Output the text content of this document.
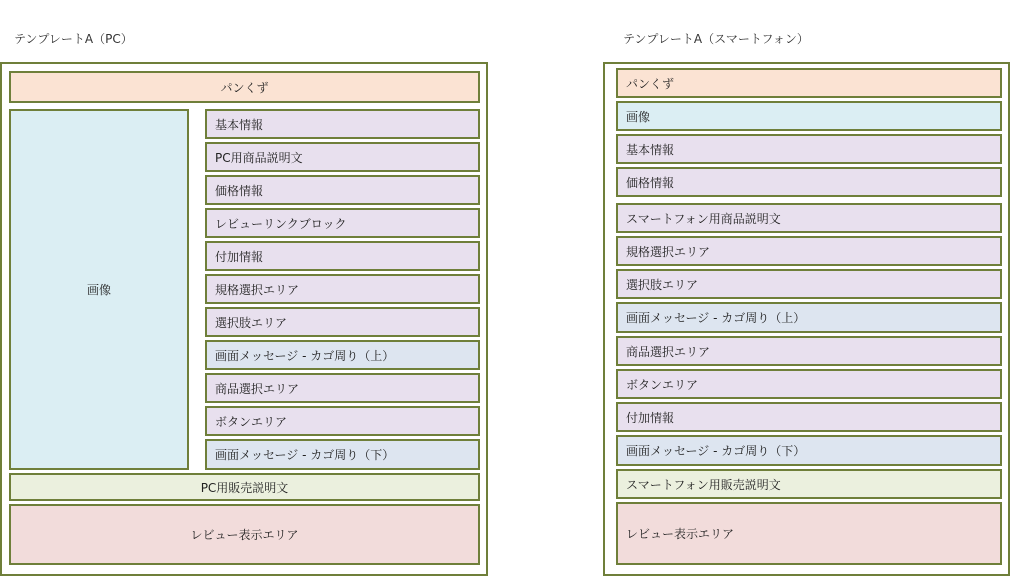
テンプレートA（PC）
パンくず
画像
基本情報
PC用商品説明文
価格情報
レビューリンクブロック
付加情報
規格選択エリア
選択肢エリア
画面メッセージ - カゴ周り（上）
商品選択エリア
ボタンエリア
画面メッセージ - カゴ周り（下）
PC用販売説明文
レビュー表示エリア
テンプレートA（スマートフォン）
パンくず
画像
基本情報
価格情報
スマートフォン用商品説明文
規格選択エリア
選択肢エリア
画面メッセージ - カゴ周り（上）
商品選択エリア
ボタンエリア
付加情報
画面メッセージ - カゴ周り（下）
スマートフォン用販売説明文
レビュー表示エリア
